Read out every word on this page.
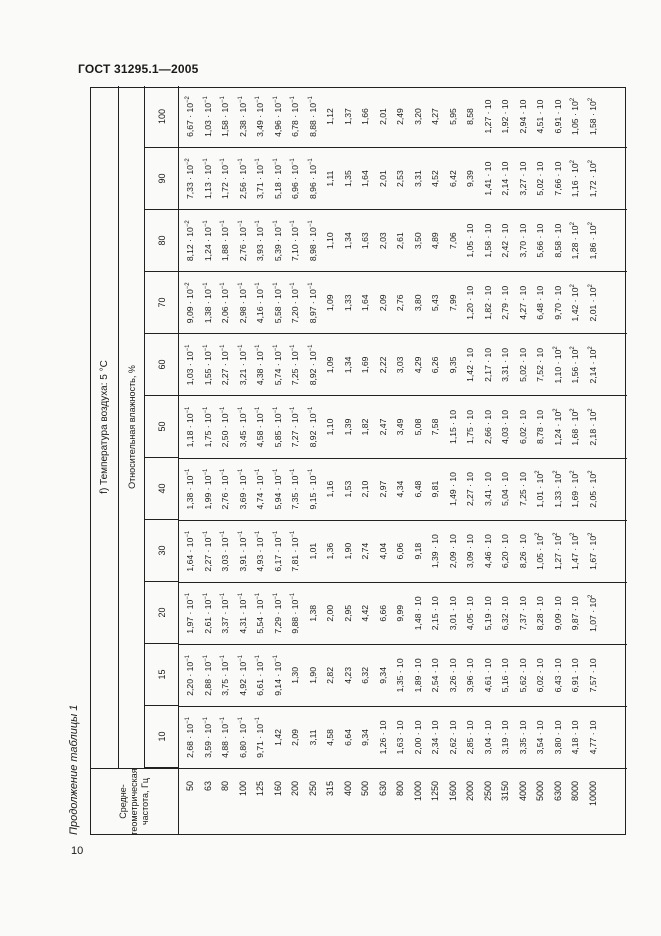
ГОСТ 31295.1—2005
Продолжение таблицы 1	Средне- геометрическая частота, Гц
f) Температура воздуха: 5 °C	Относительная влажность, %
10
15
20
30
40
50
60
70
80
90
100
50 63 80 100 125 160 200 250 315 400 500 630 800 1000 1250 1600 2000 2500 3150 4000 5000 6300 8000 10000
$2,68 \cdot 10^{-1}$
$3,59 \cdot 10^{-1}$
$4,88 \cdot 10^{-1}$
$6,80 \cdot 10^{-1}$
$9,71 \cdot 10^{-1}$
1,42 2,09 3,11 4,58 6,64 9,34 1,26 · 10 1,63 · 10 2,00 · 10 2,34 · 10 2,62 · 10 2,85 · 10 3,04 · 10 3,19 · 10 3,35 · 10 3,54 · 10 3,80 · 10 4,18 · 10 4,77 · 10
$2,20 \cdot 10^{-1}$
$2,88 \cdot 10^{-1}$
$3,75 \cdot 10^{-1}$
$4,92 \cdot 10^{-1}$
$6,61 \cdot 10^{-1}$
$9,14 \cdot 10^{-1}$
1,30 1,90 2,82 4,23 6,32 9,34 1,35 · 10 1,89 · 10 2,54 · 10 3,26 · 10 3,96 · 10 4,61 · 10 5,16 · 10 5,62 · 10 6,02 · 10 6,43 · 10 6,91 · 10 7,57 · 10
$1,97 \cdot 10^{-1}$
$2,61 \cdot 10^{-1}$
$3,37 \cdot 10^{-1}$
$4,31 \cdot 10^{-1}$
$5,54 \cdot 10^{-1}$
$7,29 \cdot 10^{-1}$
$9,88 \cdot 10^{-1}$
1,38 2,00 2,95 4,42 6,66 9,99 1,48 · 10 2,15 · 10 3,01 · 10 4,05 · 10 5,19 · 10 6,32 · 10 7,37 · 10 8,28 · 10 9,09 · 10 9,87 · 10 $1,07 \cdot 10^2$
$1,64 \cdot 10^{-1}$
$2,27 \cdot 10^{-1}$
$3,03 \cdot 10^{-1}$
$3,91 \cdot 10^{-1}$
$4,93 \cdot 10^{-1}$
$6,17 \cdot 10^{-1}$
$7,81 \cdot 10^{-1}$
1,01 1,36 1,90 2,74 4,04 6,06 9,18 1,39 · 10 2,09 · 10 3,09 · 10 4,46 · 10 6,20 · 10 8,26 · 10 $1,05 \cdot 10^2$
$1,27 \cdot 10^2$
$1,47 \cdot 10^2$
$1,67 \cdot 10^2$
$1,38 \cdot 10^{-1}$
$1,99 \cdot 10^{-1}$
$2,76 \cdot 10^{-1}$
$3,69 \cdot 10^{-1}$
$4,74 \cdot 10^{-1}$
$5,94 \cdot 10^{-1}$
$7,35 \cdot 10^{-1}$
$9,15 \cdot 10^{-1}$
1,16 1,53 2,10 2,97 4,34 6,48 9,81 1,49 · 10 2,27 · 10 3,41 · 10 5,04 · 10 7,25 · 10 $1,01 \cdot 10^2$
$1,33 \cdot 10^2$
$1,69 \cdot 10^2$
$2,05 \cdot 10^2$
$1,18 \cdot 10^{-1}$
$1,75 \cdot 10^{-1}$
$2,50 \cdot 10^{-1}$
$3,45 \cdot 10^{-1}$
$4,58 \cdot 10^{-1}$
$5,85 \cdot 10^{-1}$
$7,27 \cdot 10^{-1}$
$8,92 \cdot 10^{-1}$
1,10 1,39 1,82 2,47 3,49 5,08 7,58 1,15 · 10 1,75 · 10 2,66 · 10 4,03 · 10 6,02 · 10 8,78 · 10 $1,24 \cdot 10^2$
$1,68 \cdot 10^2$
$2,18 \cdot 10^2$
$1,03 \cdot 10^{-1}$
$1,55 \cdot 10^{-1}$
$2,27 \cdot 10^{-1}$
$3,21 \cdot 10^{-1}$
$4,38 \cdot 10^{-1}$
$5,74 \cdot 10^{-1}$
$7,25 \cdot 10^{-1}$
$8,92 \cdot 10^{-1}$
1,09 1,34 1,69 2,22 3,03 4,29 6,26 9,35 1,42 · 10 2,17 · 10 3,31 · 10 5,02 · 10 7,52 · 10 $1,10 \cdot 10^2$
$1,56 \cdot 10^2$
$2,14 \cdot 10^2$
$9,09 \cdot 10^{-2}$
$1,38 \cdot 10^{-1}$
$2,06 \cdot 10^{-1}$
$2,98 \cdot 10^{-1}$
$4,16 \cdot 10^{-1}$
$5,58 \cdot 10^{-1}$
$7,20 \cdot 10^{-1}$
$8,97 \cdot 10^{-1}$
1,09 1,33 1,64 2,09 2,76 3,80 5,43 7,99 1,20 · 10 1,82 · 10 2,79 · 10 4,27 · 10 6,48 · 10 9,70 · 10 $1,42 \cdot 10^2$
$2,01 \cdot 10^2$
$8,12 \cdot 10^{-2}$
$1,24 \cdot 10^{-1}$
$1,88 \cdot 10^{-1}$
$2,76 \cdot 10^{-1}$
$3,93 \cdot 10^{-1}$
$5,39 \cdot 10^{-1}$
$7,10 \cdot 10^{-1}$
$8,98 \cdot 10^{-1}$
1,10 1,34 1,63 2,03 2,61 3,50 4,89 7,06 1,05 · 10 1,58 · 10 2,42 · 10 3,70 · 10 5,66 · 10 8,58 · 10 $1,28 \cdot 10^2$
$1,86 \cdot 10^2$
$7,33 \cdot 10^{-2}$
$1,13 \cdot 10^{-1}$
$1,72 \cdot 10^{-1}$
$2,56 \cdot 10^{-1}$
$3,71 \cdot 10^{-1}$
$5,18 \cdot 10^{-1}$
$6,96 \cdot 10^{-1}$
$8,96 \cdot 10^{-1}$
1,11 1,35 1,64 2,01 2,53 3,31 4,52 6,42 9,39 1,41 · 10 2,14 · 10 3,27 · 10 5,02 · 10 7,66 · 10 $1,16 \cdot 10^2$
$1,72 \cdot 10^2$
$6,67 \cdot 10^{-2}$
$1,03 \cdot 10^{-1}$
$1,58 \cdot 10^{-1}$
$2,38 \cdot 10^{-1}$
$3,49 \cdot 10^{-1}$
$4,96 \cdot 10^{-1}$
$6,78 \cdot 10^{-1}$
$8,88 \cdot 10^{-1}$
1,12 1,37 1,66 2,01 2,49 3,20 4,27 5,95 8,58 1,27 · 10 1,92 · 10 2,94 · 10 4,51 · 10 6,91 · 10 $1,05 \cdot 10^2$
$1,58 \cdot 10^2$
10
